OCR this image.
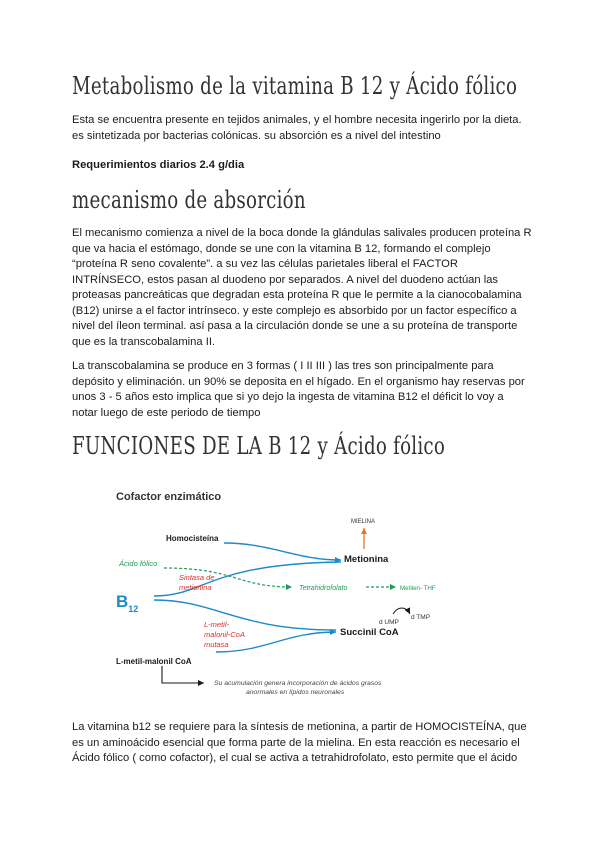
Metabolismo de la vitamina B 12 y Ácido fólico

Esta se encuentra presente en tejidos animales, y el hombre necesita ingerirlo por la dieta. es sintetizada por bacterias colónicas. su absorción es a nivel del intestino

Requerimientos diarios 2.4 g/dia

mecanismo de absorción

El mecanismo comienza a nivel de la boca donde la glándulas salivales producen proteína R que va hacia el estómago, donde se une con la vitamina B 12, formando el complejo “proteína R seno covalente”. a su vez las células parietales liberal el FACTOR INTRÍNSECO, estos pasan al duodeno por separados. A nivel del duodeno actúan las proteasas pancreáticas que degradan esta proteína R que le permite a la cianocobalamina (B12) unirse a el factor intrínseco. y este complejo es absorbido por un factor específico a nivel del íleon terminal. así pasa a la circulación donde se une a su proteína de transporte que es la transcobalamina II.

La transcobalamina se produce en 3 formas ( I II III ) las tres son principalmente para depósito y eliminación. un 90% se deposita en el hígado. En el organismo hay reservas por unos 3 - 5 años esto implica que si yo dejo la ingesta de vitamina B12 el déficit lo voy a notar luego de este periodo de tiempo

FUNCIONES DE LA B 12 y Ácido fólico
Cofactor enzimático
Homocisteína
Ácido fólico
Sintasa de
metionina
$B_{12}$
MIELINA
Metionina
Tetrahidrofolato	Metilen- THF
d UMP
d TMP
L-metil-
malonil-CoA
mutasa
Succinil CoA
L-metil-malonil CoA
Su acumulación genera incorporación de ácidos grasos
anormales en lípidos neuronales

La vitamina b12 se requiere para la síntesis de metionina, a partir de HOMOCISTEÍNA, que es un aminoácido esencial que forma parte de la mielina. En esta reacción es necesario el Ácido fólico ( como cofactor), el cual se activa a tetrahidrofolato, esto permite que el ácido
